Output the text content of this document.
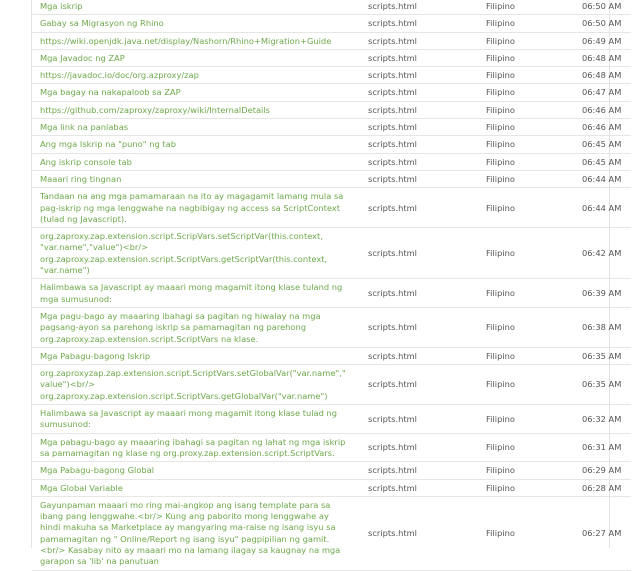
Mga iskrip	scripts.html	Filipino	06:50 AM
Gabay sa Migrasyon ng Rhino	scripts.html	Filipino	06:50 AM
https://wiki.openjdk.java.net/display/Nashorn/Rhino+Migration+Guide	scripts.html	Filipino	06:49 AM
Mga Javadoc ng ZAP	scripts.html	Filipino	06:48 AM
https://javadoc.io/doc/org.azproxy/zap	scripts.html	Filipino	06:48 AM
Mga bagay na nakapaloob sa ZAP	scripts.html	Filipino	06:47 AM
https://github.com/zaproxy/zaproxy/wiki/InternalDetails	scripts.html	Filipino	06:46 AM
Mga link na panlabas	scripts.html	Filipino	06:46 AM
Ang mga Iskrip na "puno" ng tab	scripts.html	Filipino	06:45 AM
Ang iskrip console tab	scripts.html	Filipino	06:45 AM
Maaari ring tingnan	scripts.html	Filipino	06:44 AM
Tandaan na ang mga pamamaraan na ito ay magagamit lamang mula sa pag-iskrip ng mga lenggwahe na nagbibigay ng access sa ScriptContext (tulad ng Javascript).	scripts.html	Filipino	06:44 AM
org.zaproxy.zap.extension.script.ScripVars.setScriptVar(this.context, "var.name","value")<br/> org.zaproxy.zap.extension.script.ScriptVars.getScriptVar(this.context, "var.name")	scripts.html	Filipino	06:42 AM
Halimbawa sa Javascript ay maaari mong magamit itong klase tuland ng mga sumusunod:	scripts.html	Filipino	06:39 AM
Mga pagu-bago ay maaaring ibahagi sa pagitan ng hiwalay na mga pagsang-ayon sa parehong iskrip sa pamamagitan ng parehong org.zaproxy.zap.extension.script.ScriptVars na klase.	scripts.html	Filipino	06:38 AM
Mga Pabagu-bagong Iskrip	scripts.html	Filipino	06:35 AM
org.zaproxyzap.zap.extension.script.ScriptVars.setGlobalVar("var.name","value")<br/> org.zaproxy.zap.extension.script.ScriptVars.getGlobalVar("var.name")	scripts.html	Filipino	06:35 AM
Halimbawa sa Javascript ay maaari mong magamit itong klase tulad ng sumusunod:	scripts.html	Filipino	06:32 AM
Mga pabagu-bago ay maaaring ibahagi sa pagitan ng lahat ng mga iskrip sa pamamagitan ng klase ng org.proxy.zap.extension.script.ScriptVars.	scripts.html	Filipino	06:31 AM
Mga Pabagu-bagong Global	scripts.html	Filipino	06:29 AM
Mga Global Variable	scripts.html	Filipino	06:28 AM
Gayunpaman maaari mo ring mai-angkop ang isang template para sa ibang pang lenggwahe.<br/> Kung ang paborito mong lenggwahe ay hindi makuha sa Marketplace ay mangyaring ma-raise ng isang isyu sa pamamagitan ng " Online/Report ng isang isyu" pagpipilian ng gamit.<br/> Kasabay nito ay maaari mo na lamang ilagay sa kaugnay na mga garapon sa 'lib' na panutuan	scripts.html	Filipino	06:27 AM
